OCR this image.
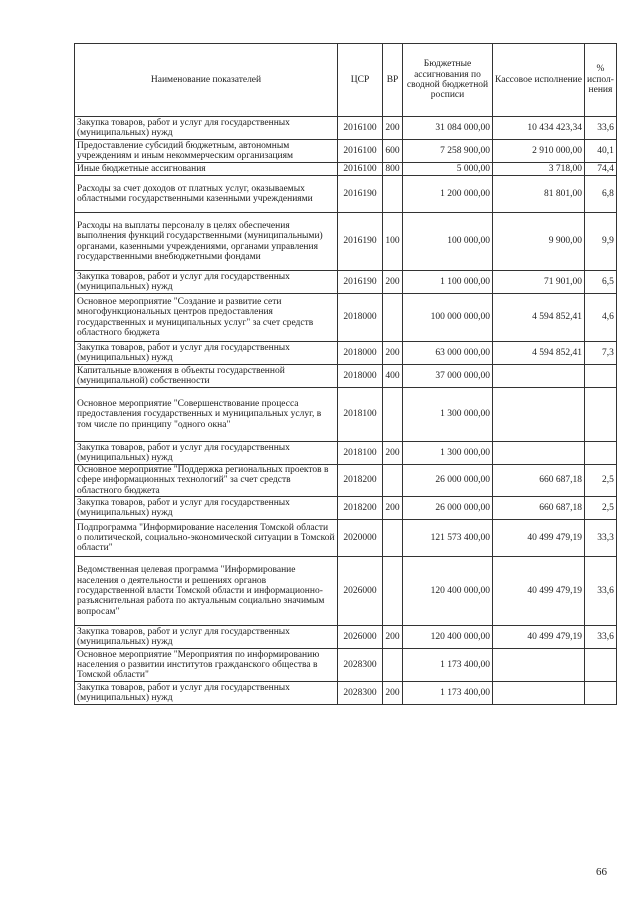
Наименование показателей	ЦСР	ВР	Бюджетные ассигнования по сводной бюджетной росписи	Кассовое исполнение	% испол-нения
Закупка товаров, работ и услуг для государственных (муниципальных) нужд	2016100	200	31 084 000,00	10 434 423,34	33,6
Предоставление субсидий бюджетным, автономным учреждениям и иным некоммерческим организациям	2016100	600	7 258 900,00	2 910 000,00	40,1
Иные бюджетные ассигнования	2016100	800	5 000,00	3 718,00	74,4
Расходы за счет доходов от платных услуг, оказываемых областными государственными казенными учреждениями	2016190		1 200 000,00	81 801,00	6,8
Расходы на выплаты персоналу в целях обеспечения выполнения функций государственными (муниципальными) органами, казенными учреждениями, органами управления государственными внебюджетными фондами	2016190	100	100 000,00	9 900,00	9,9
Закупка товаров, работ и услуг для государственных (муниципальных) нужд	2016190	200	1 100 000,00	71 901,00	6,5
Основное мероприятие "Создание и развитие сети многофункциональных центров предоставления государственных и муниципальных услуг" за счет средств областного бюджета	2018000		100 000 000,00	4 594 852,41	4,6
Закупка товаров, работ и услуг для государственных (муниципальных) нужд	2018000	200	63 000 000,00	4 594 852,41	7,3
Капитальные вложения в объекты государственной (муниципальной) собственности	2018000	400	37 000 000,00		
Основное мероприятие "Совершенствование процесса предоставления государственных и муниципальных услуг, в том числе по принципу "одного окна"	2018100		1 300 000,00		
Закупка товаров, работ и услуг для государственных (муниципальных) нужд	2018100	200	1 300 000,00		
Основное мероприятие "Поддержка региональных проектов в сфере информационных технологий" за счет средств областного бюджета	2018200		26 000 000,00	660 687,18	2,5
Закупка товаров, работ и услуг для государственных (муниципальных) нужд	2018200	200	26 000 000,00	660 687,18	2,5
Подпрограмма "Информирование населения Томской области о политической, социально-экономической ситуации в Томской области"	2020000		121 573 400,00	40 499 479,19	33,3
Ведомственная целевая программа "Информирование населения о деятельности и решениях органов государственной власти Томской области и информационно-разъяснительная работа по актуальным социально значимым вопросам"	2026000		120 400 000,00	40 499 479,19	33,6
Закупка товаров, работ и услуг для государственных (муниципальных) нужд	2026000	200	120 400 000,00	40 499 479,19	33,6
Основное мероприятие "Мероприятия по информированию населения о развитии институтов гражданского общества в Томской области"	2028300		1 173 400,00		
Закупка товаров, работ и услуг для государственных (муниципальных) нужд	2028300	200	1 173 400,00		
66
